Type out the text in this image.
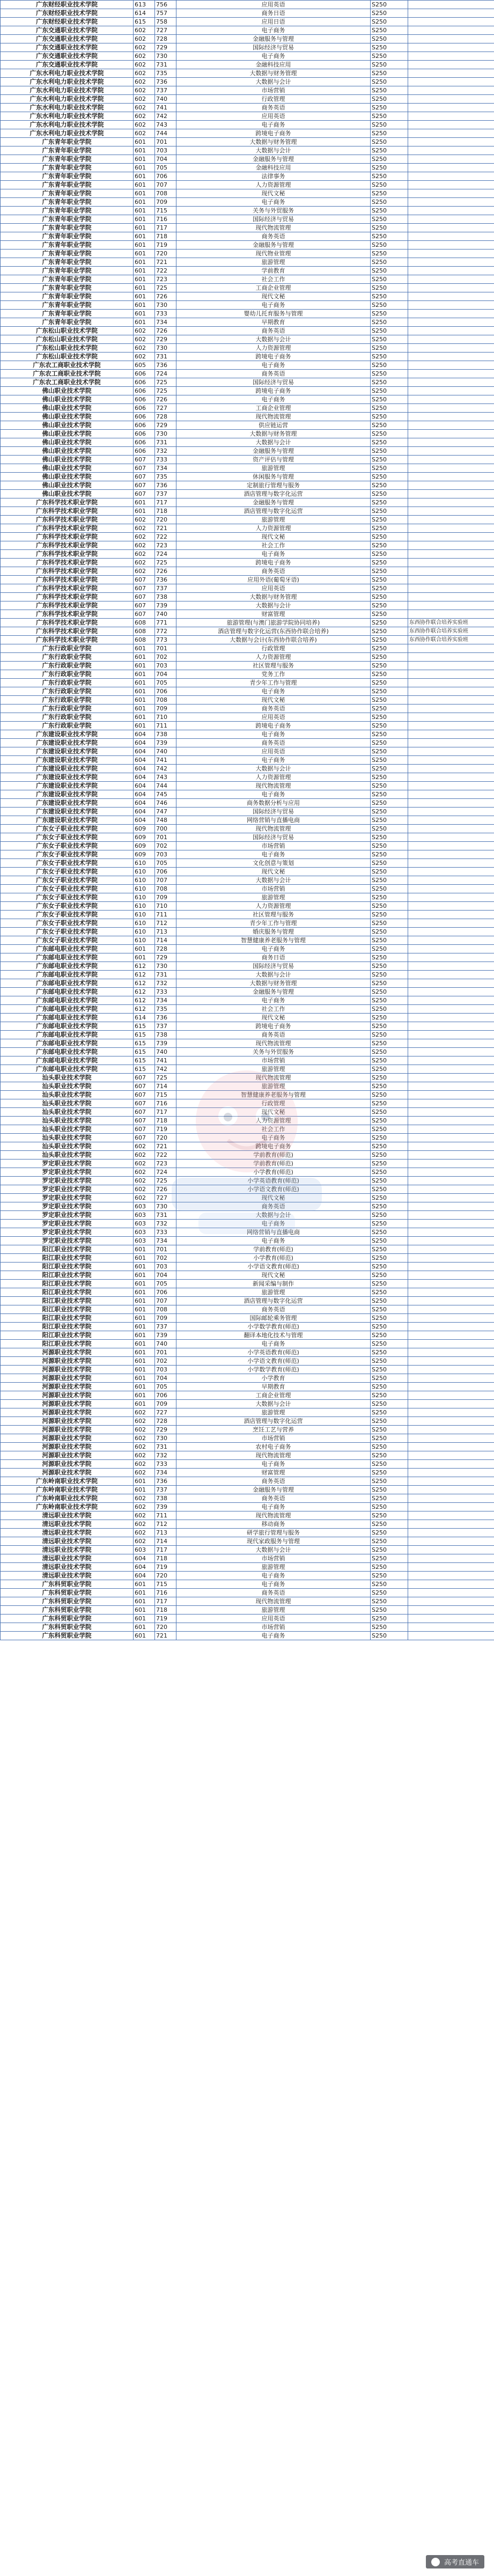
广东财经职业技术学院	613	756	应用英语	S250	
广东财经职业技术学院	614	757	商务日语	S250	
广东财经职业技术学院	615	758	应用日语	S250	
广东交通职业技术学院	602	727	电子商务	S250	
广东交通职业技术学院	602	728	金融服务与管理	S250	
广东交通职业技术学院	602	729	国际经济与贸易	S250	
广东交通职业技术学院	602	730	电子商务	S250	
广东交通职业技术学院	602	731	金融科技应用	S250	
广东水利电力职业技术学院	602	735	大数据与财务管理	S250	
广东水利电力职业技术学院	602	736	大数据与会计	S250	
广东水利电力职业技术学院	602	737	市场营销	S250	
广东水利电力职业技术学院	602	740	行政管理	S250	
广东水利电力职业技术学院	602	741	商务英语	S250	
广东水利电力职业技术学院	602	742	应用英语	S250	
广东水利电力职业技术学院	602	743	电子商务	S250	
广东水利电力职业技术学院	602	744	跨境电子商务	S250	
广东青年职业学院	601	701	大数据与财务管理	S250	
广东青年职业学院	601	703	大数据与会计	S250	
广东青年职业学院	601	704	金融服务与管理	S250	
广东青年职业学院	601	705	金融科技应用	S250	
广东青年职业学院	601	706	法律事务	S250	
广东青年职业学院	601	707	人力资源管理	S250	
广东青年职业学院	601	708	现代文秘	S250	
广东青年职业学院	601	709	电子商务	S250	
广东青年职业学院	601	715	关务与外贸服务	S250	
广东青年职业学院	601	716	国际经济与贸易	S250	
广东青年职业学院	601	717	现代物流管理	S250	
广东青年职业学院	601	718	商务英语	S250	
广东青年职业学院	601	719	金融服务与管理	S250	
广东青年职业学院	601	720	现代物业管理	S250	
广东青年职业学院	601	721	旅游管理	S250	
广东青年职业学院	601	722	学前教育	S250	
广东青年职业学院	601	723	社会工作	S250	
广东青年职业学院	601	725	工商企业管理	S250	
广东青年职业学院	601	726	现代文秘	S250	
广东青年职业学院	601	730	电子商务	S250	
广东青年职业学院	601	733	婴幼儿托育服务与管理	S250	
广东青年职业学院	601	734	早期教育	S250	
广东松山职业技术学院	602	726	商务英语	S250	
广东松山职业技术学院	602	729	大数据与会计	S250	
广东松山职业技术学院	602	730	人力资源管理	S250	
广东松山职业技术学院	602	731	跨境电子商务	S250	
广东农工商职业技术学院	605	736	电子商务	S250	
广东农工商职业技术学院	606	724	商务英语	S250	
广东农工商职业技术学院	606	725	国际经济与贸易	S250	
佛山职业技术学院	606	725	跨境电子商务	S250	
佛山职业技术学院	606	726	电子商务	S250	
佛山职业技术学院	606	727	工商企业管理	S250	
佛山职业技术学院	606	728	现代物流管理	S250	
佛山职业技术学院	606	729	供应链运营	S250	
佛山职业技术学院	606	730	大数据与财务管理	S250	
佛山职业技术学院	606	731	大数据与会计	S250	
佛山职业技术学院	606	732	金融服务与管理	S250	
佛山职业技术学院	607	733	资产评估与管理	S250	
佛山职业技术学院	607	734	旅游管理	S250	
佛山职业技术学院	607	735	休闲服务与管理	S250	
佛山职业技术学院	607	736	定制旅行管理与服务	S250	
佛山职业技术学院	607	737	酒店管理与数字化运营	S250	
广东科学技术职业学院	601	717	金融服务与管理	S250	
广东科学技术职业学院	601	718	酒店管理与数字化运营	S250	
广东科学技术职业学院	602	720	旅游管理	S250	
广东科学技术职业学院	602	721	人力资源管理	S250	
广东科学技术职业学院	602	722	现代文秘	S250	
广东科学技术职业学院	602	723	社会工作	S250	
广东科学技术职业学院	602	724	电子商务	S250	
广东科学技术职业学院	602	725	跨境电子商务	S250	
广东科学技术职业学院	602	726	商务英语	S250	
广东科学技术职业学院	607	736	应用外语(葡萄牙语)	S250	
广东科学技术职业学院	607	737	应用英语	S250	
广东科学技术职业学院	607	738	大数据与财务管理	S250	
广东科学技术职业学院	607	739	大数据与会计	S250	
广东科学技术职业学院	607	740	财富管理	S250	
广东科学技术职业学院	608	771	旅游管理(与澳门旅游学院协同培养)	S250	东西协作联合培养实验班
广东科学技术职业学院	608	772	酒店管理与数字化运营(东西协作联合培养)	S250	东西协作联合培养实验班
广东科学技术职业学院	608	773	大数据与会计(东西协作联合培养)	S250	东西协作联合培养实验班
广东行政职业学院	601	701	行政管理	S250	
广东行政职业学院	601	702	人力资源管理	S250	
广东行政职业学院	601	703	社区管理与服务	S250	
广东行政职业学院	601	704	党务工作	S250	
广东行政职业学院	601	705	青少年工作与管理	S250	
广东行政职业学院	601	706	电子商务	S250	
广东行政职业学院	601	708	现代文秘	S250	
广东行政职业学院	601	709	商务英语	S250	
广东行政职业学院	601	710	应用英语	S250	
广东行政职业学院	601	711	跨境电子商务	S250	
广东建设职业技术学院	604	738	电子商务	S250	
广东建设职业技术学院	604	739	商务英语	S250	
广东建设职业技术学院	604	740	应用英语	S250	
广东建设职业技术学院	604	741	电子商务	S250	
广东建设职业技术学院	604	742	大数据与会计	S250	
广东建设职业技术学院	604	743	人力资源管理	S250	
广东建设职业技术学院	604	744	现代物流管理	S250	
广东建设职业技术学院	604	745	电子商务	S250	
广东建设职业技术学院	604	746	商务数据分析与应用	S250	
广东建设职业技术学院	604	747	国际经济与贸易	S250	
广东建设职业技术学院	604	748	网络营销与直播电商	S250	
广东女子职业技术学院	609	700	现代物流管理	S250	
广东女子职业技术学院	609	701	国际经济与贸易	S250	
广东女子职业技术学院	609	702	市场营销	S250	
广东女子职业技术学院	609	703	电子商务	S250	
广东女子职业技术学院	610	705	文化创意与策划	S250	
广东女子职业技术学院	610	706	现代文秘	S250	
广东女子职业技术学院	610	707	大数据与会计	S250	
广东女子职业技术学院	610	708	市场营销	S250	
广东女子职业技术学院	610	709	旅游管理	S250	
广东女子职业技术学院	610	710	人力资源管理	S250	
广东女子职业技术学院	610	711	社区管理与服务	S250	
广东女子职业技术学院	610	712	青少年工作与管理	S250	
广东女子职业技术学院	610	713	婚庆服务与管理	S250	
广东女子职业技术学院	610	714	智慧健康养老服务与管理	S250	
广东邮电职业技术学院	601	728	电子商务	S250	
广东邮电职业技术学院	601	729	商务日语	S250	
广东邮电职业技术学院	612	730	国际经济与贸易	S250	
广东邮电职业技术学院	612	731	大数据与会计	S250	
广东邮电职业技术学院	612	732	大数据与财务管理	S250	
广东邮电职业技术学院	612	733	金融服务与管理	S250	
广东邮电职业技术学院	612	734	电子商务	S250	
广东邮电职业技术学院	612	735	社会工作	S250	
广东邮电职业技术学院	614	736	现代文秘	S250	
广东邮电职业技术学院	615	737	跨境电子商务	S250	
广东邮电职业技术学院	615	738	商务英语	S250	
广东邮电职业技术学院	615	739	现代物流管理	S250	
广东邮电职业技术学院	615	740	关务与外贸服务	S250	
广东邮电职业技术学院	615	741	市场营销	S250	
广东邮电职业技术学院	615	742	旅游管理	S250	
汕头职业技术学院	607	725	现代物流管理	S250	
汕头职业技术学院	607	714	旅游管理	S250	
汕头职业技术学院	607	715	智慧健康养老服务与管理	S250	
汕头职业技术学院	607	716	行政管理	S250	
汕头职业技术学院	607	717	现代文秘	S250	
汕头职业技术学院	607	718	人力资源管理	S250	
汕头职业技术学院	607	719	社会工作	S250	
汕头职业技术学院	607	720	电子商务	S250	
汕头职业技术学院	602	721	跨境电子商务	S250	
汕头职业技术学院	602	722	学前教育(师范)	S250	
罗定职业技术学院	602	723	学前教育(师范)	S250	
罗定职业技术学院	602	724	小学教育(师范)	S250	
罗定职业技术学院	602	725	小学英语教育(师范)	S250	
罗定职业技术学院	602	726	小学语文教育(师范)	S250	
罗定职业技术学院	602	727	现代文秘	S250	
罗定职业技术学院	603	730	商务英语	S250	
罗定职业技术学院	603	731	大数据与会计	S250	
罗定职业技术学院	603	732	电子商务	S250	
罗定职业技术学院	603	733	网络营销与直播电商	S250	
罗定职业技术学院	603	734	电子商务	S250	
阳江职业技术学院	601	701	学前教育(师范)	S250	
阳江职业技术学院	601	702	小学教育(师范)	S250	
阳江职业技术学院	601	703	小学语文教育(师范)	S250	
阳江职业技术学院	601	704	现代文秘	S250	
阳江职业技术学院	601	705	新闻采编与制作	S250	
阳江职业技术学院	601	706	旅游管理	S250	
阳江职业技术学院	601	707	酒店管理与数字化运营	S250	
阳江职业技术学院	601	708	商务英语	S250	
阳江职业技术学院	601	709	国际邮轮乘务管理	S250	
阳江职业技术学院	601	737	小学数学教育(师范)	S250	
阳江职业技术学院	601	739	翻译本地化技术与管理	S250	
阳江职业技术学院	601	740	电子商务	S250	
河源职业技术学院	601	701	小学英语教育(师范)	S250	
河源职业技术学院	601	702	小学语文教育(师范)	S250	
河源职业技术学院	601	703	小学数学教育(师范)	S250	
河源职业技术学院	601	704	小学教育	S250	
河源职业技术学院	601	705	早期教育	S250	
河源职业技术学院	601	706	工商企业管理	S250	
河源职业技术学院	601	709	大数据与会计	S250	
河源职业技术学院	602	727	旅游管理	S250	
河源职业技术学院	602	728	酒店管理与数字化运营	S250	
河源职业技术学院	602	729	烹饪工艺与营养	S250	
河源职业技术学院	602	730	市场营销	S250	
河源职业技术学院	602	731	农村电子商务	S250	
河源职业技术学院	602	732	现代物流管理	S250	
河源职业技术学院	602	733	电子商务	S250	
河源职业技术学院	602	734	财富管理	S250	
广东岭南职业技术学院	601	736	商务英语	S250	
广东岭南职业技术学院	601	737	金融服务与管理	S250	
广东岭南职业技术学院	602	738	商务英语	S250	
广东岭南职业技术学院	602	739	电子商务	S250	
清远职业技术学院	602	711	现代物流管理	S250	
清远职业技术学院	602	712	移动商务	S250	
清远职业技术学院	602	713	研学旅行管理与服务	S250	
清远职业技术学院	602	714	现代家政服务与管理	S250	
清远职业技术学院	603	717	大数据与会计	S250	
清远职业技术学院	604	718	市场营销	S250	
清远职业技术学院	604	719	旅游管理	S250	
清远职业技术学院	604	720	电子商务	S250	
广东科贸职业学院	601	715	电子商务	S250	
广东科贸职业学院	601	716	商务英语	S250	
广东科贸职业学院	601	717	现代物流管理	S250	
广东科贸职业学院	601	718	旅游管理	S250	
广东科贸职业学院	601	719	应用英语	S250	
广东科贸职业学院	601	720	市场营销	S250	
广东科贸职业学院	601	721	电子商务	S250	
高考直通车
